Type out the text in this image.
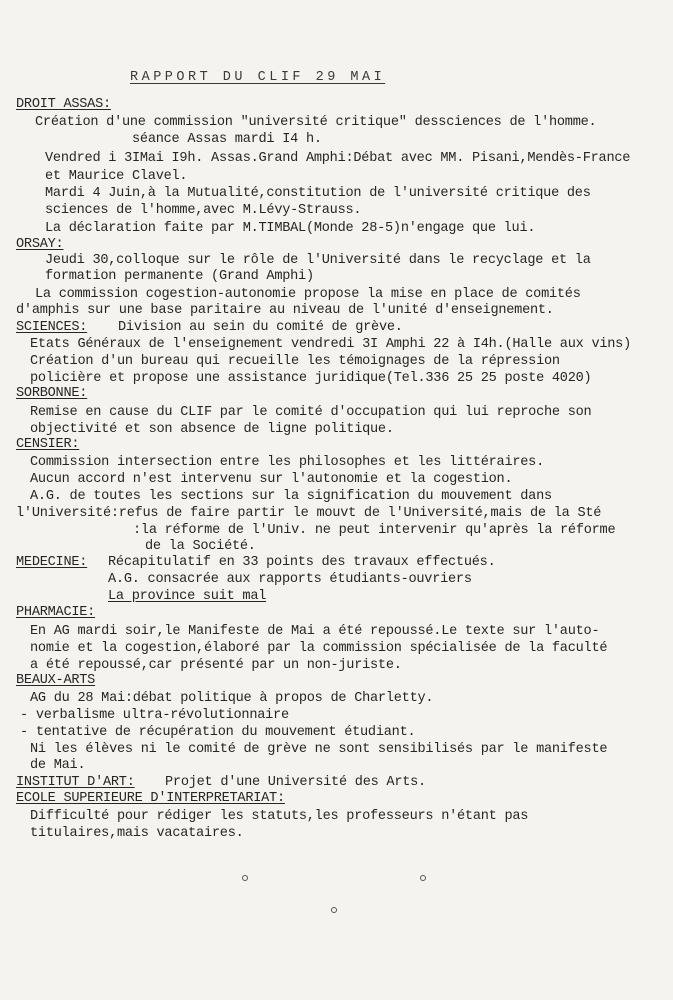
RAPPORT DU CLIF 29 MAI
DROIT ASSAS:
Création d'une commission "université critique" dessciences de l'homme.
séance Assas mardi I4 h.
Vendred i 3IMai I9h. Assas.Grand Amphi:Débat avec MM. Pisani,Mendès-France
et Maurice Clavel.
Mardi 4 Juin,à la Mutualité,constitution de l'université critique des
sciences de l'homme,avec M.Lévy-Strauss.
La déclaration faite par M.TIMBAL(Monde 28-5)n'engage que lui.
ORSAY:
Jeudi 30,colloque sur le rôle de l'Université dans le recyclage et la
formation permanente (Grand Amphi)
La commission cogestion-autonomie propose la mise en place de comités
d'amphis sur une base paritaire au niveau de l'unité d'enseignement.
SCIENCES: Division au sein du comité de grève.
Etats Généraux de l'enseignement vendredi 3I Amphi 22 à I4h.(Halle aux vins)
Création d'un bureau qui recueille les témoignages de la répression
policière et propose une assistance juridique(Tel.336 25 25 poste 4020)
SORBONNE:
Remise en cause du CLIF par le comité d'occupation qui lui reproche son
objectivité et son absence de ligne politique.
CENSIER:
Commission intersection entre les philosophes et les littéraires.
Aucun accord n'est intervenu sur l'autonomie et la cogestion.
A.G. de toutes les sections sur la signification du mouvement dans
l'Université:refus de faire partir le mouvt de l'Université,mais de la Sté
:la réforme de l'Univ. ne peut intervenir qu'après la réforme
de la Société.
MEDECINE: Récapitulatif en 33 points des travaux effectués.
A.G. consacrée aux rapports étudiants-ouvriers
La province suit mal
PHARMACIE:
En AG mardi soir,le Manifeste de Mai a été repoussé.Le texte sur l'auto-
nomie et la cogestion,élaboré par la commission spécialisée de la faculté
a été repoussé,car présenté par un non-juriste.
BEAUX-ARTS
AG du 28 Mai:débat politique à propos de Charletty.
- verbalisme ultra-révolutionnaire
- tentative de récupération du mouvement étudiant.
Ni les élèves ni le comité de grève ne sont sensibilisés par le manifeste
de Mai.
INSTITUT D'ART: Projet d'une Université des Arts.
ECOLE SUPERIEURE D'INTERPRETARIAT:
Difficulté pour rédiger les statuts,les professeurs n'étant pas
titulaires,mais vacataires.
